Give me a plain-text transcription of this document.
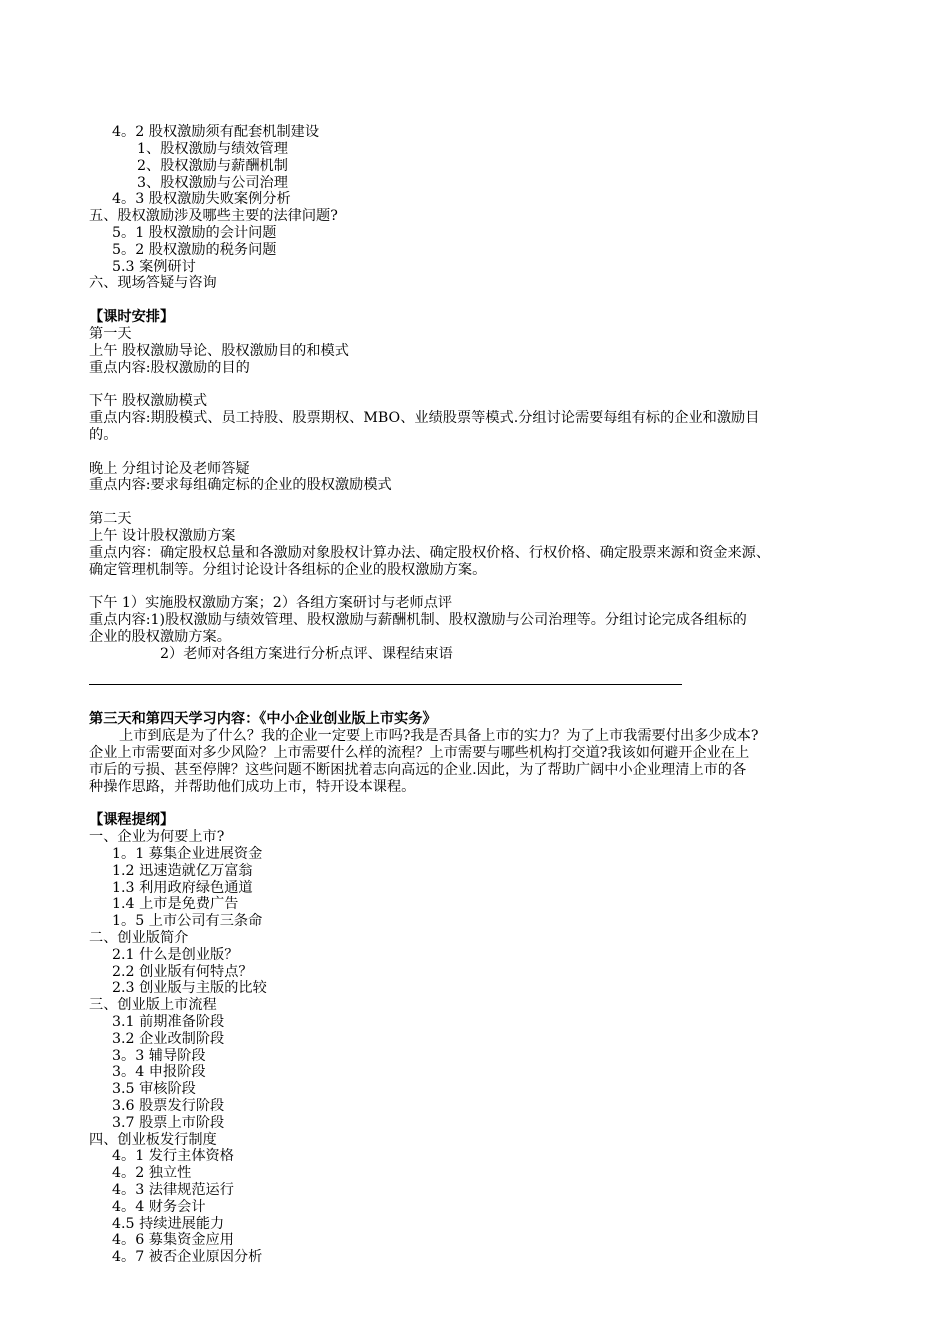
4。2 股权激励须有配套机制建设
1、股权激励与绩效管理
2、股权激励与薪酬机制
3、股权激励与公司治理
4。3 股权激励失败案例分析
五、股权激励涉及哪些主要的法律问题?
5。1 股权激励的会计问题
5。2 股权激励的税务问题
5.3 案例研讨
六、现场答疑与咨询
【课时安排】
第一天
上午 股权激励导论、股权激励目的和模式
重点内容:股权激励的目的
下午 股权激励模式
重点内容:期股模式、员工持股、股票期权、MBO、业绩股票等模式.分组讨论需要每组有标的企业和激励目
的。
晚上 分组讨论及老师答疑
重点内容:要求每组确定标的企业的股权激励模式
第二天
上午 设计股权激励方案
重点内容：确定股权总量和各激励对象股权计算办法、确定股权价格、行权价格、确定股票来源和资金来源、
确定管理机制等。分组讨论设计各组标的企业的股权激励方案。
下午 1）实施股权激励方案；2）各组方案研讨与老师点评
重点内容:1)股权激励与绩效管理、股权激励与薪酬机制、股权激励与公司治理等。分组讨论完成各组标的
企业的股权激励方案。
2）老师对各组方案进行分析点评、课程结束语
第三天和第四天学习内容：《中小企业创业版上市实务》
上市到底是为了什么？我的企业一定要上市吗?我是否具备上市的实力？为了上市我需要付出多少成本?
企业上市需要面对多少风险？上市需要什么样的流程？上市需要与哪些机构打交道?我该如何避开企业在上
市后的亏损、甚至停牌？这些问题不断困扰着志向高远的企业.因此，为了帮助广阔中小企业理清上市的各
种操作思路，并帮助他们成功上市，特开设本课程。
【课程提纲】
一、企业为何要上市?
1。1 募集企业进展资金
1.2 迅速造就亿万富翁
1.3 利用政府绿色通道
1.4 上市是免费广告
1。5 上市公司有三条命
二、创业版简介
2.1 什么是创业版？
2.2 创业版有何特点？
2.3 创业版与主版的比较
三、创业版上市流程
3.1 前期准备阶段
3.2 企业改制阶段
3。3 辅导阶段
3。4 申报阶段
3.5 审核阶段
3.6 股票发行阶段
3.7 股票上市阶段
四、创业板发行制度
4。1 发行主体资格
4。2 独立性
4。3 法律规范运行
4。4 财务会计
4.5 持续进展能力
4。6 募集资金应用
4。7 被否企业原因分析
